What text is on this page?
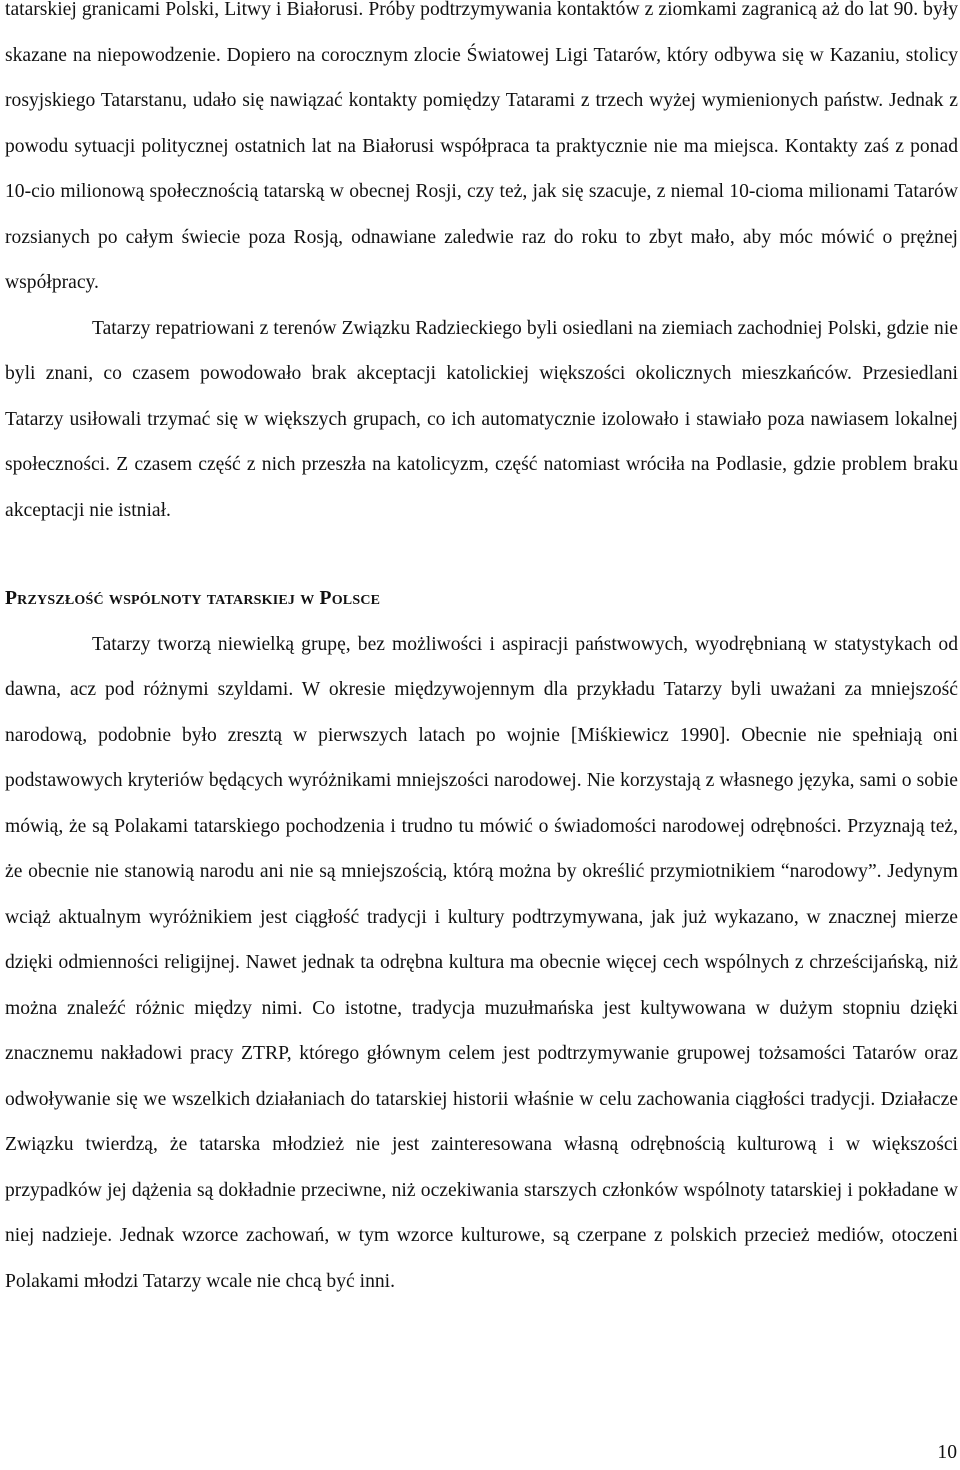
tatarskiej granicami Polski, Litwy i Białorusi. Próby podtrzymywania kontaktów z ziomkami zagranicą aż do lat 90. były skazane na niepowodzenie. Dopiero na corocznym zlocie Światowej Ligi Tatarów, który odbywa się w Kazaniu, stolicy rosyjskiego Tatarstanu, udało się nawiązać kontakty pomiędzy Tatarami z trzech wyżej wymienionych państw. Jednak z powodu sytuacji politycznej ostatnich lat na Białorusi współpraca ta praktycznie nie ma miejsca. Kontakty zaś z ponad 10-cio milionową społecznością tatarską w obecnej Rosji, czy też, jak się szacuje, z niemal 10-cioma milionami Tatarów rozsianych po całym świecie poza Rosją, odnawiane zaledwie raz do roku to zbyt mało, aby móc mówić o prężnej współpracy.

Tatarzy repatriowani z terenów Związku Radzieckiego byli osiedlani na ziemiach zachodniej Polski, gdzie nie byli znani, co czasem powodowało brak akceptacji katolickiej większości okolicznych mieszkańców. Przesiedlani Tatarzy usiłowali trzymać się w większych grupach, co ich automatycznie izolowało i stawiało poza nawiasem lokalnej społeczności. Z czasem część z nich przeszła na katolicyzm, część natomiast wróciła na Podlasie, gdzie problem braku akceptacji nie istniał.

Przyszłość wspólnoty tatarskiej w Polsce

Tatarzy tworzą niewielką grupę, bez możliwości i aspiracji państwowych, wyodrębnianą w statystykach od dawna, acz pod różnymi szyldami. W okresie międzywojennym dla przykładu Tatarzy byli uważani za mniejszość narodową, podobnie było zresztą w pierwszych latach po wojnie [Miśkiewicz 1990]. Obecnie nie spełniają oni podstawowych kryteriów będących wyróżnikami mniejszości narodowej. Nie korzystają z własnego języka, sami o sobie mówią, że są Polakami tatarskiego pochodzenia i trudno tu mówić o świadomości narodowej odrębności. Przyznają też, że obecnie nie stanowią narodu ani nie są mniejszością, którą można by określić przymiotnikiem “narodowy”. Jedynym wciąż aktualnym wyróżnikiem jest ciągłość tradycji i kultury podtrzymywana, jak już wykazano, w znacznej mierze dzięki odmienności religijnej. Nawet jednak ta odrębna kultura ma obecnie więcej cech wspólnych z chrześcijańską, niż można znaleźć różnic między nimi. Co istotne, tradycja muzułmańska jest kultywowana w dużym stopniu dzięki znacznemu nakładowi pracy ZTRP, którego głównym celem jest podtrzymywanie grupowej tożsamości Tatarów oraz odwoływanie się we wszelkich działaniach do tatarskiej historii właśnie w celu zachowania ciągłości tradycji. Działacze Związku twierdzą, że tatarska młodzież nie jest zainteresowana własną odrębnością kulturową i w większości przypadków jej dążenia są dokładnie przeciwne, niż oczekiwania starszych członków wspólnoty tatarskiej i pokładane w niej nadzieje. Jednak wzorce zachowań, w tym wzorce kulturowe, są czerpane z polskich przecież mediów, otoczeni Polakami młodzi Tatarzy wcale nie chcą być inni.

10
